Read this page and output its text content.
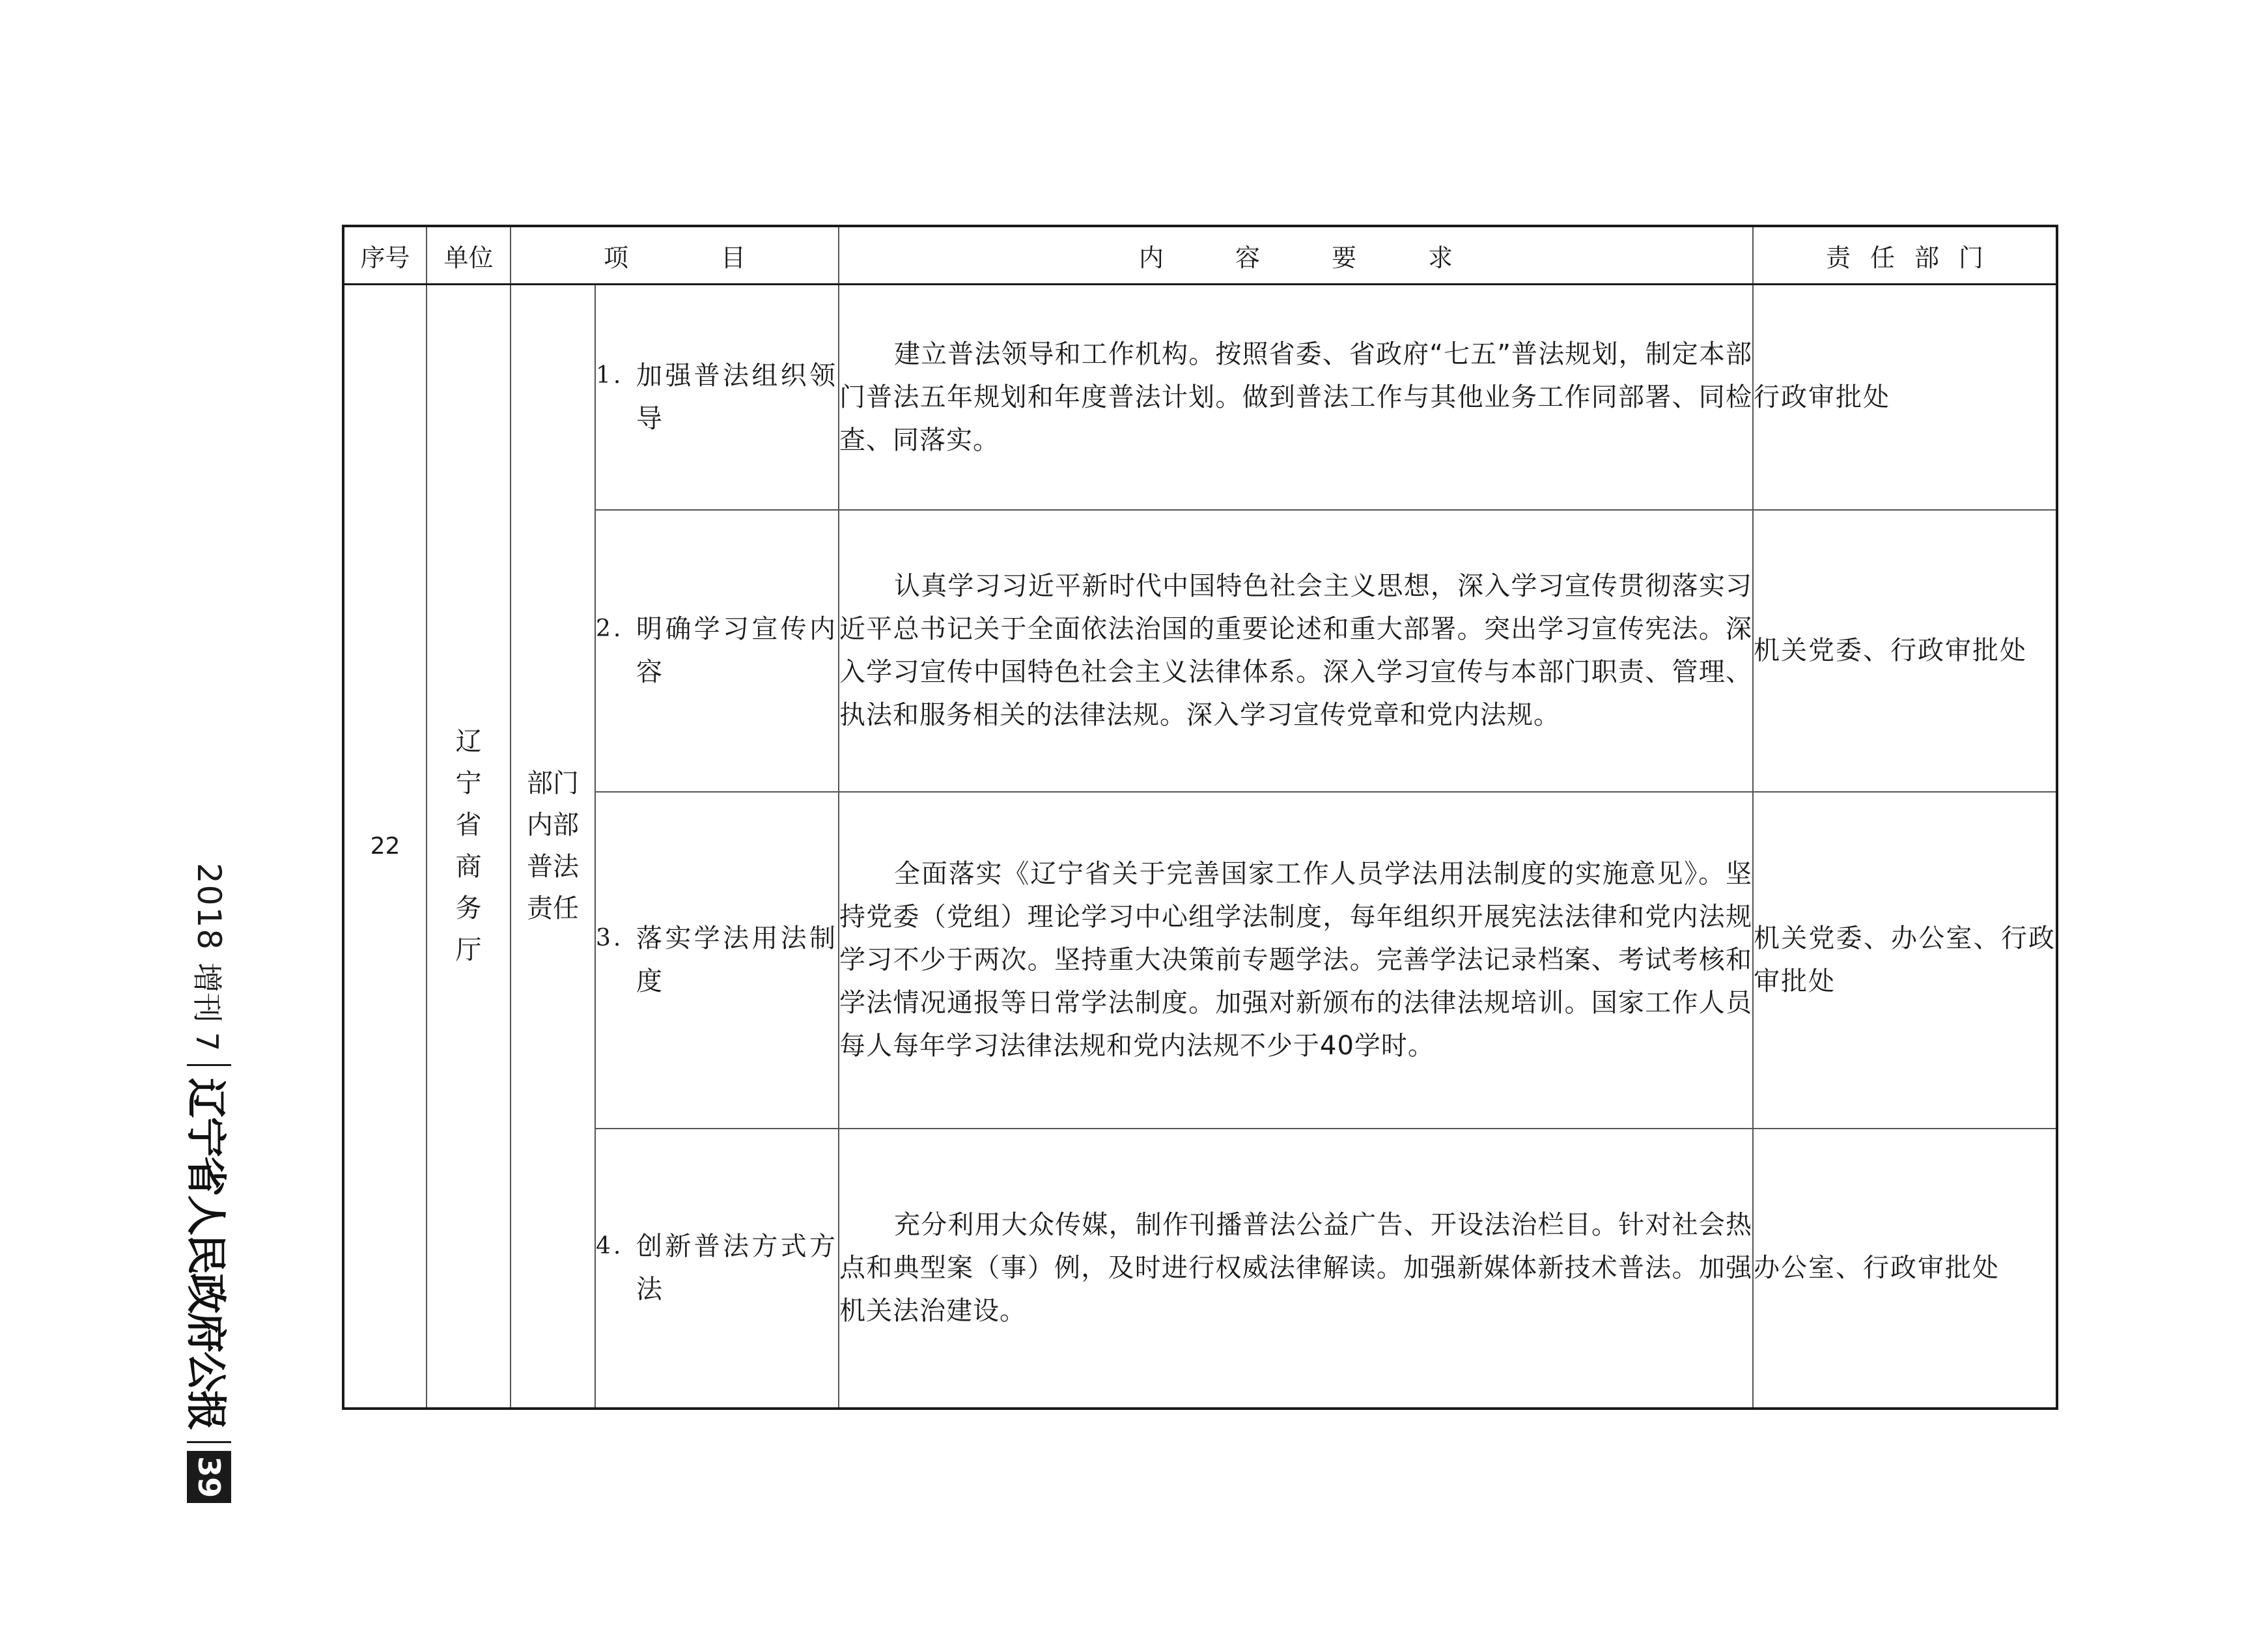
序号	单位	项　目		内容要求	责任部门
22	辽宁省商务厅	部门内部普法责任	1. 加强普法组织领导	建立普法领导和工作机构。按照省委、省政府“七五”普法规划，制定本部门普法五年规划和年度普法计划。做到普法工作与其他业务工作同部署、同检查、同落实。	行政审批处

			2. 明确学习宣传内容	认真学习习近平新时代中国特色社会主义思想，深入学习宣传贯彻落实习近平总书记关于全面依法治国的重要论述和重大部署。突出学习宣传宪法。深入学习宣传中国特色社会主义法律体系。深入学习宣传与本部门职责、管理、执法和服务相关的法律法规。深入学习宣传党章和党内法规。	机关党委、行政审批处

			3. 落实学法用法制度	全面落实《辽宁省关于完善国家工作人员学法用法制度的实施意见》。坚持党委（党组）理论学习中心组学法制度，每年组织开展宪法法律和党内法规学习不少于两次。坚持重大决策前专题学法。完善学法记录档案、考试考核和学法情况通报等日常学法制度。加强对新颁布的法律法规培训。国家工作人员每人每年学习法律法规和党内法规不少于40学时。	机关党委、办公室、行政审批处

			4. 创新普法方式方法	充分利用大众传媒，制作刊播普法公益广告、开设法治栏目。针对社会热点和典型案（事）例，及时进行权威法律解读。加强新媒体新技术普法。加强机关法治建设。	办公室、行政审批处
2018
增刊 7
辽宁省人民政府公报
39
